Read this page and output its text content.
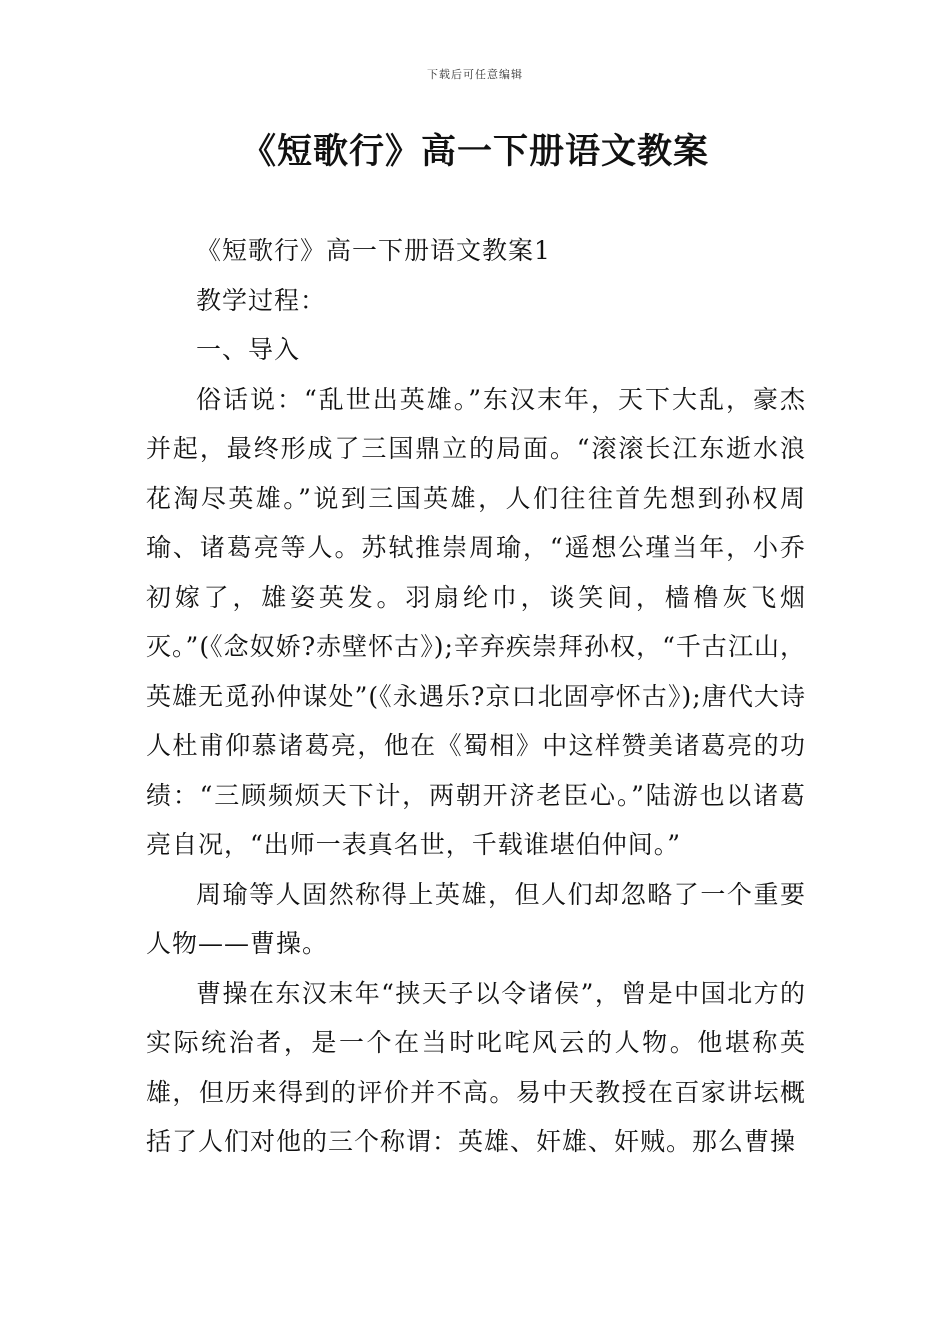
下载后可任意编辑
《短歌行》高一下册语文教案

《短歌行》高一下册语文教案1

教学过程：

一、导入

俗话说：“乱世出英雄。”东汉末年，天下大乱，豪杰并起，最终形成了三国鼎立的局面。“滚滚长江东逝水浪花淘尽英雄。”说到三国英雄，人们往往首先想到孙权周瑜、诸葛亮等人。苏轼推崇周瑜，“遥想公瑾当年，小乔初嫁了，雄姿英发。羽扇纶巾，谈笑间，樯橹灰飞烟灭。”(《念奴娇?赤壁怀古》);辛弃疾崇拜孙权，“千古江山，英雄无觅孙仲谋处”(《永遇乐?京口北固亭怀古》);唐代大诗人杜甫仰慕诸葛亮，他在《蜀相》中这样赞美诸葛亮的功绩：“三顾频烦天下计，两朝开济老臣心。”陆游也以诸葛亮自况，“出师一表真名世，千载谁堪伯仲间。”

周瑜等人固然称得上英雄，但人们却忽略了一个重要人物——曹操。

曹操在东汉末年“挟天子以令诸侯”，曾是中国北方的实际统治者，是一个在当时叱咤风云的人物。他堪称英雄，但历来得到的评价并不高。易中天教授在百家讲坛概括了人们对他的三个称谓：英雄、奸雄、奸贼。那么曹操
